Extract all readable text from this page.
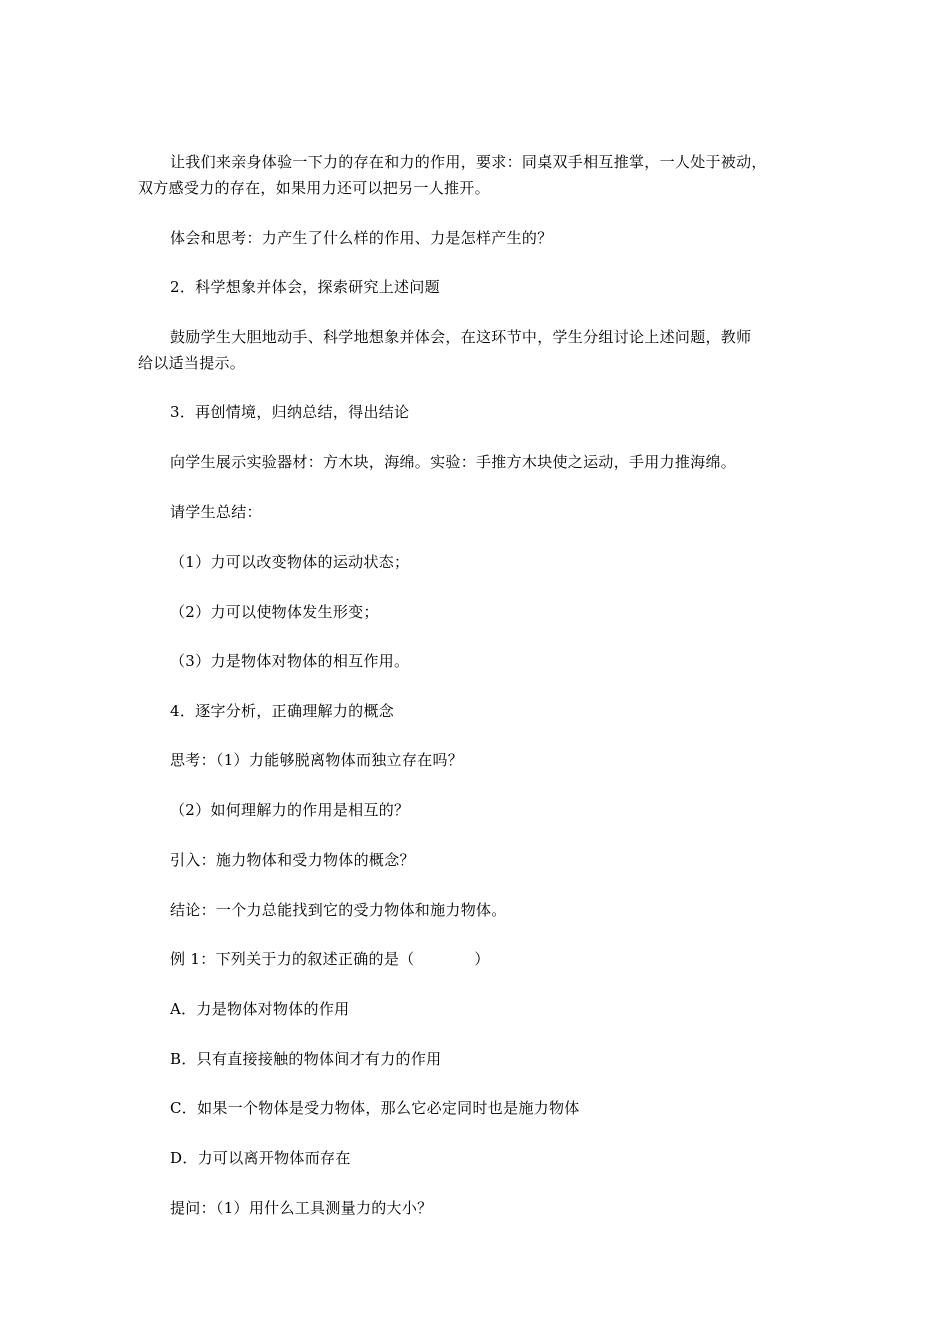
让我们来亲身体验一下力的存在和力的作用，要求：同桌双手相互推掌，一人处于被动，
双方感受力的存在，如果用力还可以把另一人推开。
体会和思考：力产生了什么样的作用、力是怎样产生的？
2．科学想象并体会，探索研究上述问题
鼓励学生大胆地动手、科学地想象并体会，在这环节中，学生分组讨论上述问题，教师
给以适当提示。
3．再创情境，归纳总结，得出结论
向学生展示实验器材：方木块，海绵。实验：手推方木块使之运动，手用力推海绵。
请学生总结：
（1）力可以改变物体的运动状态；
（2）力可以使物体发生形变；
（3）力是物体对物体的相互作用。
4．逐字分析，正确理解力的概念
思考：（1）力能够脱离物体而独立存在吗？
（2）如何理解力的作用是相互的？
引入：施力物体和受力物体的概念？
结论：一个力总能找到它的受力物体和施力物体。
例 1：下列关于力的叙述正确的是（	）
A．力是物体对物体的作用
B．只有直接接触的物体间才有力的作用
C．如果一个物体是受力物体，那么它必定同时也是施力物体
D．力可以离开物体而存在
提问：（1）用什么工具测量力的大小？
